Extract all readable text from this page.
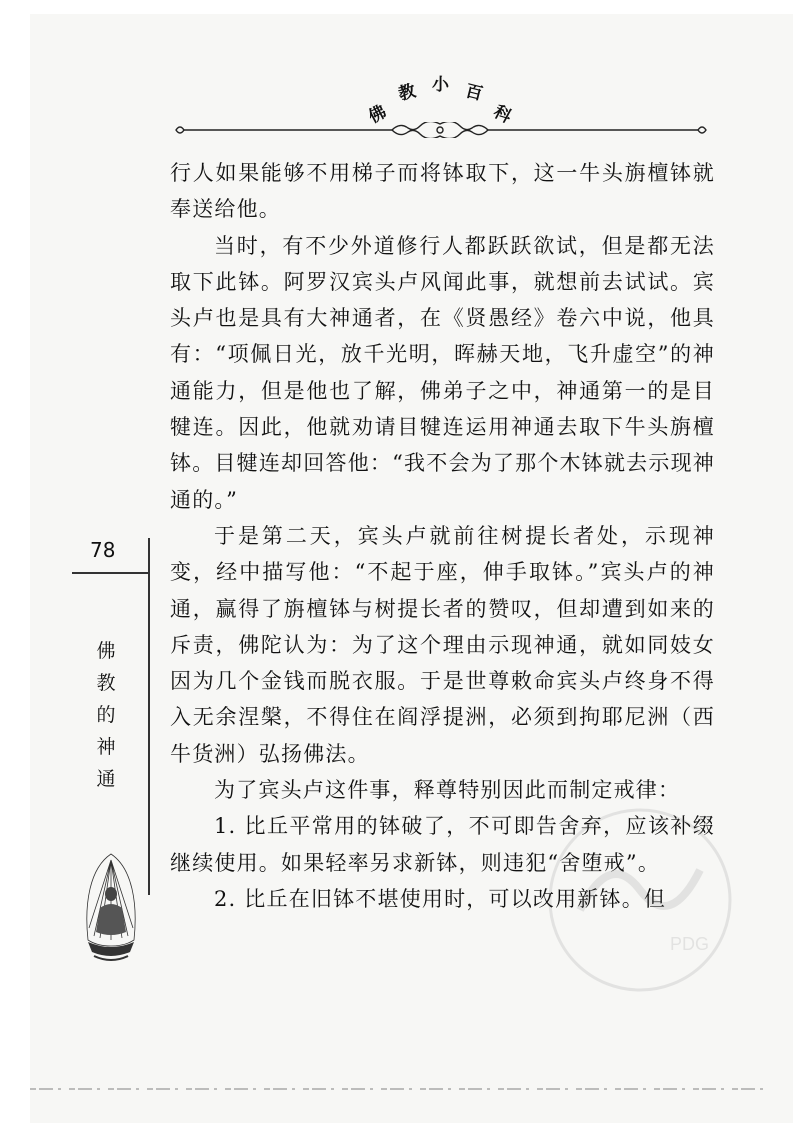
佛
教 小 百
科

行人如果能够不用梯子而将钵取下，这一牛头旃檀钵就奉送给他。

当时，有不少外道修行人都跃跃欲试，但是都无法取下此钵。阿罗汉宾头卢风闻此事，就想前去试试。宾头卢也是具有大神通者，在《贤愚经》卷六中说，他具有：“项佩日光，放千光明，晖赫天地，飞升虚空”的神通能力，但是他也了解，佛弟子之中，神通第一的是目犍连。因此，他就劝请目犍连运用神通去取下牛头旃檀钵。目犍连却回答他：“我不会为了那个木钵就去示现神通的。”

于是第二天，宾头卢就前往树提长者处，示现神变，经中描写他：“不起于座，伸手取钵。”宾头卢的神通，赢得了旃檀钵与树提长者的赞叹，但却遭到如来的斥责，佛陀认为：为了这个理由示现神通，就如同妓女因为几个金钱而脱衣服。于是世尊敕命宾头卢终身不得入无余涅槃，不得住在阎浮提洲，必须到拘耶尼洲（西牛货洲）弘扬佛法。

为了宾头卢这件事，释尊特别因此而制定戒律：

1. 比丘平常用的钵破了，不可即告舍弃，应该补缀继续使用。如果轻率另求新钵，则违犯“舍堕戒”。

2. 比丘在旧钵不堪使用时，可以改用新钵。但

78
佛
教
的
神
通
PDG
